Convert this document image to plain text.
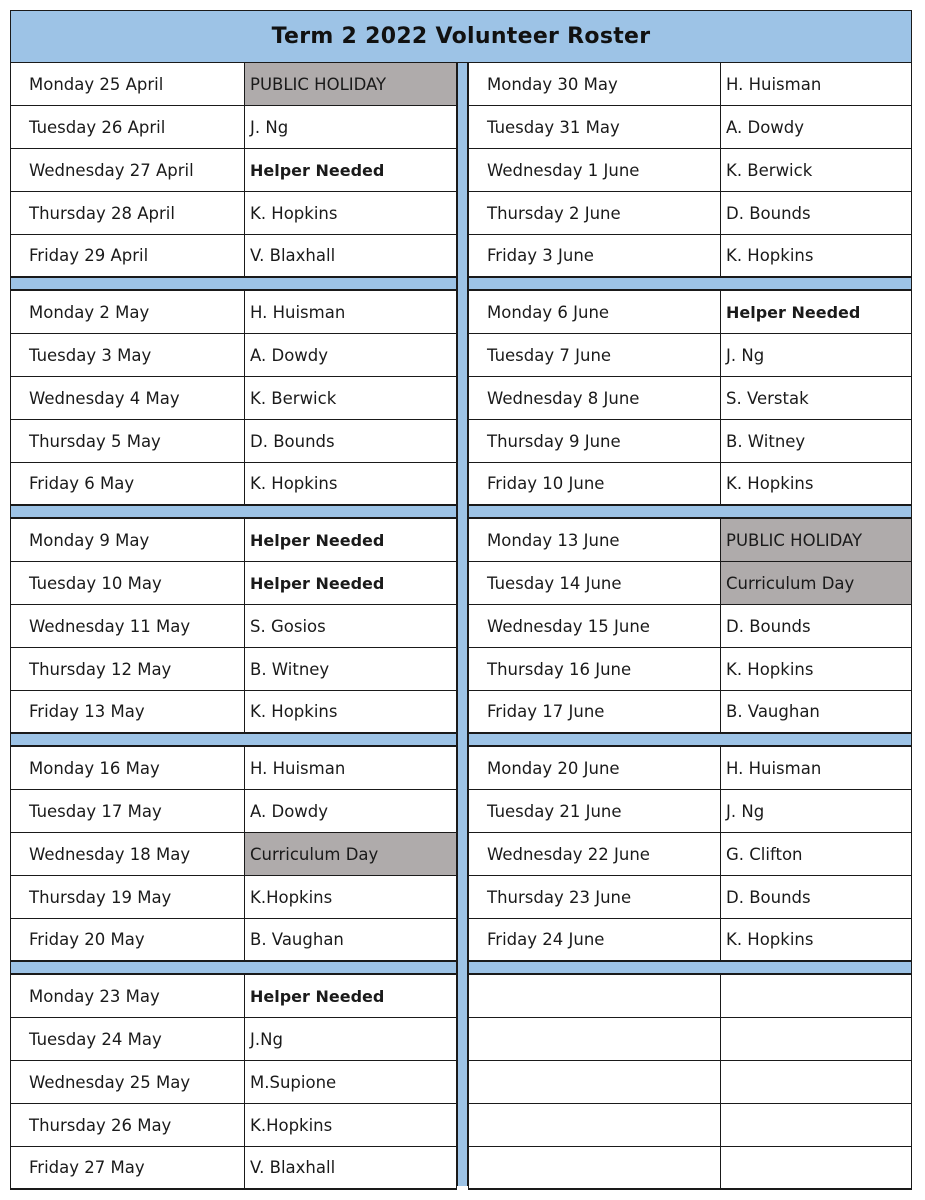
Term 2 2022 Volunteer Roster
Monday 25 April	PUBLIC HOLIDAY
Tuesday 26 April	J. Ng
Wednesday 27 April	Helper Needed
Thursday 28 April	K. Hopkins
Friday 29 April	V. Blaxhall
Monday 2 May	H. Huisman
Tuesday 3 May	A. Dowdy
Wednesday 4 May	K. Berwick
Thursday 5 May	D. Bounds
Friday 6 May	K. Hopkins
Monday 9 May	Helper Needed
Tuesday 10 May	Helper Needed
Wednesday 11 May	S. Gosios
Thursday 12 May	B. Witney
Friday 13 May	K. Hopkins
Monday 16 May	H. Huisman
Tuesday 17 May	A. Dowdy
Wednesday 18 May	Curriculum Day
Thursday 19 May	K.Hopkins
Friday 20 May	B. Vaughan
Monday 23 May	Helper Needed
Tuesday 24 May	J.Ng
Wednesday 25 May	M.Supione
Thursday 26 May	K.Hopkins
Friday 27 May	V. Blaxhall
Monday 30 May	H. Huisman
Tuesday 31 May	A. Dowdy
Wednesday 1 June	K. Berwick
Thursday 2 June	D. Bounds
Friday 3 June	K. Hopkins
Monday 6 June	Helper Needed
Tuesday 7 June	J. Ng
Wednesday 8 June	S. Verstak
Thursday 9 June	B. Witney
Friday 10 June	K. Hopkins
Monday 13 June	PUBLIC HOLIDAY
Tuesday 14 June	Curriculum Day
Wednesday 15 June	D. Bounds
Thursday 16 June	K. Hopkins
Friday 17 June	B. Vaughan
Monday 20 June	H. Huisman
Tuesday 21 June	J. Ng
Wednesday 22 June	G. Clifton
Thursday 23 June	D. Bounds
Friday 24 June	K. Hopkins
